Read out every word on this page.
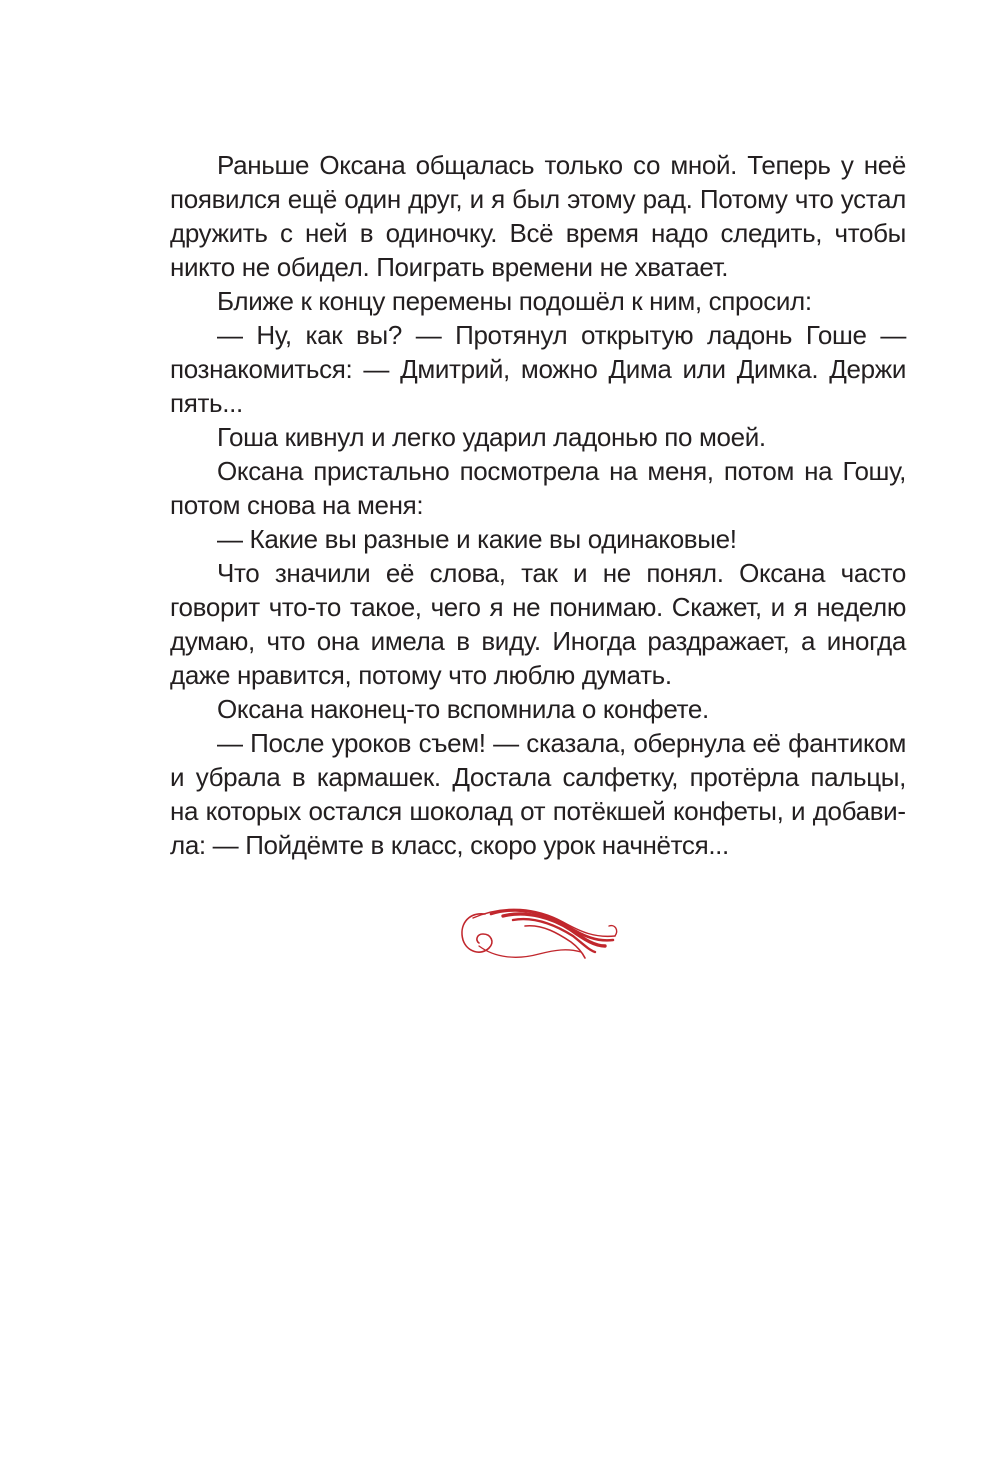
Раньше Оксана общалась только со мной. Теперь у неё появился ещё один друг, и я был этому рад. Потому что устал дружить с ней в одиночку. Всё время надо следить, чтобы никто не обидел. Поиграть времени не хватает.

Ближе к концу перемены подошёл к ним, спросил:

— Ну, как вы? — Протянул открытую ладонь Гоше — познакомиться: — Дмитрий, можно Дима или Димка. Держи пять...

Гоша кивнул и легко ударил ладонью по моей.

Оксана пристально посмотрела на меня, потом на Гошу, потом снова на меня:

— Какие вы разные и какие вы одинаковые!

Что значили её слова, так и не понял. Оксана часто говорит что-то такое, чего я не понимаю. Скажет, и я неделю думаю, что она имела в виду. Иногда раздражает, а иногда даже нравится, потому что люблю думать.

Оксана наконец-то вспомнила о конфете.

— После уроков съем! — сказала, обернула её фантиком и убрала в кармашек. Достала салфетку, протёрла пальцы, на которых остался шоколад от потёкшей конфеты, и добавила: — Пойдёмте в класс, скоро урок начнётся...
